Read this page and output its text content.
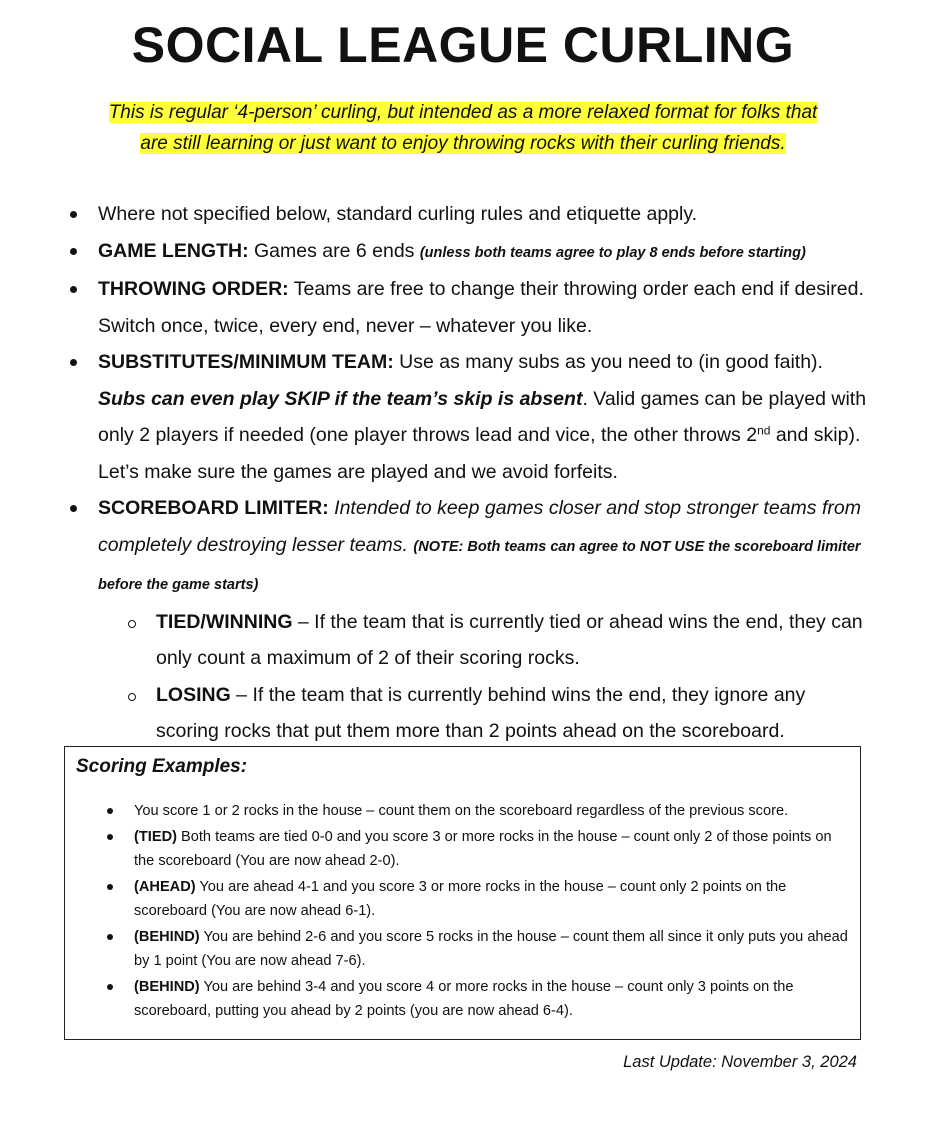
SOCIAL LEAGUE CURLING
This is regular ‘4-person’ curling, but intended as a more relaxed format for folks that
are still learning or just want to enjoy throwing rocks with their curling friends.
Where not specified below, standard curling rules and etiquette apply.
GAME LENGTH: Games are 6 ends (unless both teams agree to play 8 ends before starting)
THROWING ORDER: Teams are free to change their throwing order each end if desired. Switch once, twice, every end, never – whatever you like.
SUBSTITUTES/MINIMUM TEAM: Use as many subs as you need to (in good faith). Subs can even play SKIP if the team’s skip is absent. Valid games can be played with only 2 players if needed (one player throws lead and vice, the other throws 2nd and skip). Let’s make sure the games are played and we avoid forfeits.
SCOREBOARD LIMITER: Intended to keep games closer and stop stronger teams from completely destroying lesser teams. (NOTE: Both teams can agree to NOT USE the scoreboard limiter before the game starts)
TIED/WINNING – If the team that is currently tied or ahead wins the end, they can only count a maximum of 2 of their scoring rocks.
LOSING – If the team that is currently behind wins the end, they ignore any scoring rocks that put them more than 2 points ahead on the scoreboard.
Scoring Examples:
You score 1 or 2 rocks in the house – count them on the scoreboard regardless of the previous score.
(TIED) Both teams are tied 0-0 and you score 3 or more rocks in the house – count only 2 of those points on the scoreboard (You are now ahead 2-0).
(AHEAD) You are ahead 4-1 and you score 3 or more rocks in the house – count only 2 points on the scoreboard (You are now ahead 6-1).
(BEHIND) You are behind 2-6 and you score 5 rocks in the house – count them all since it only puts you ahead by 1 point (You are now ahead 7-6).
(BEHIND) You are behind 3-4 and you score 4 or more rocks in the house – count only 3 points on the scoreboard, putting you ahead by 2 points (you are now ahead 6-4).
Last Update: November 3, 2024
